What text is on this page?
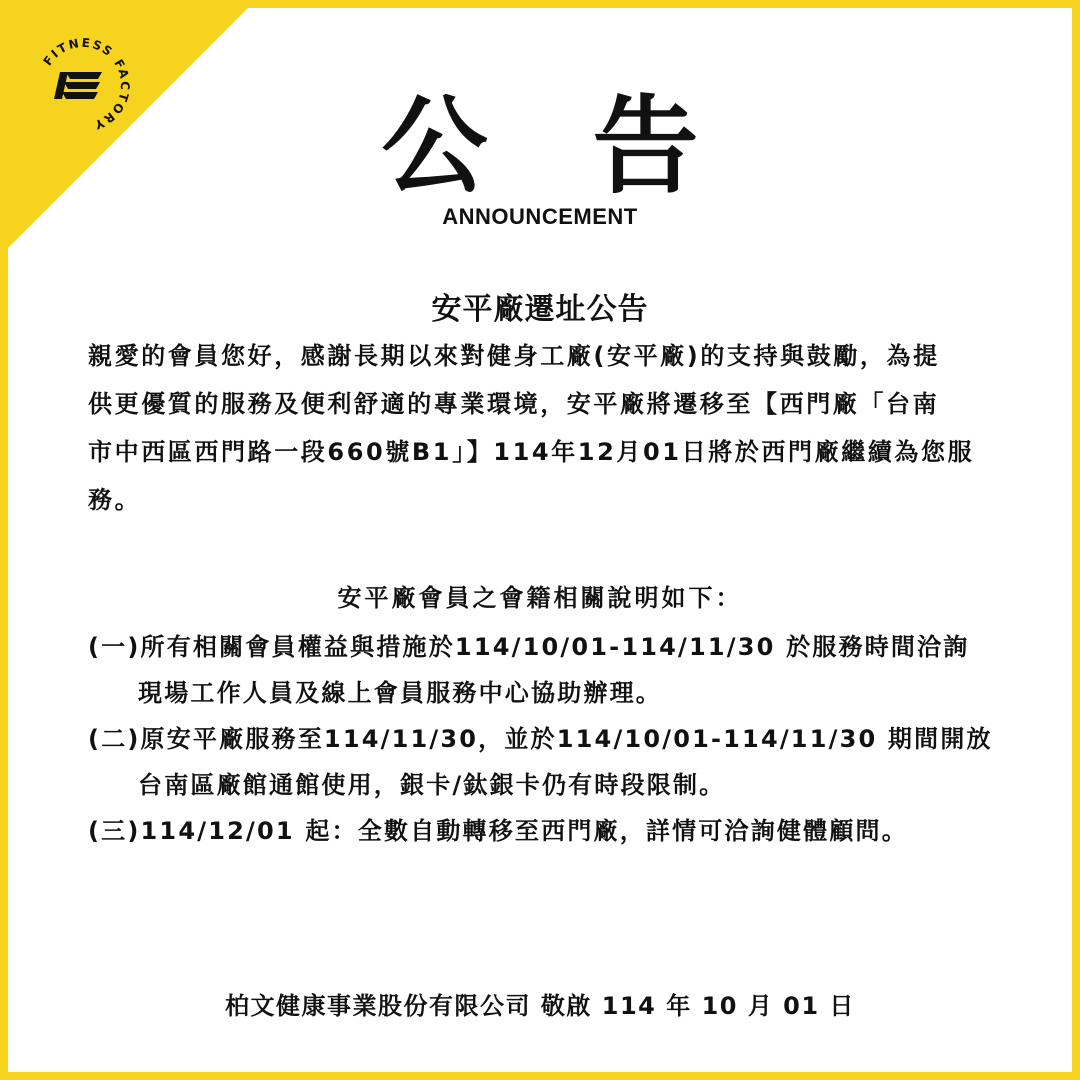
FITNESS FACTORY	公 告
ANNOUNCEMENT
安平廠遷址公告
親愛的會員您好，感謝長期以來對健身工廠(安平廠)的支持與鼓勵，為提
供更優質的服務及便利舒適的專業環境，安平廠將遷移至【西門廠「台南
市中西區西門路一段660號B1」】114年12月01日將於西門廠繼續為您服
務。
安平廠會員之會籍相關說明如下：
(一)所有相關會員權益與措施於114/10/01-114/11/30 於服務時間洽詢
現場工作人員及線上會員服務中心協助辦理。
(二)原安平廠服務至114/11/30，並於114/10/01-114/11/30 期間開放
台南區廠館通館使用，銀卡/鈦銀卡仍有時段限制。
(三)114/12/01 起：全數自動轉移至西門廠，詳情可洽詢健體顧問。
柏文健康事業股份有限公司 敬啟 114 年 10 月 01 日
